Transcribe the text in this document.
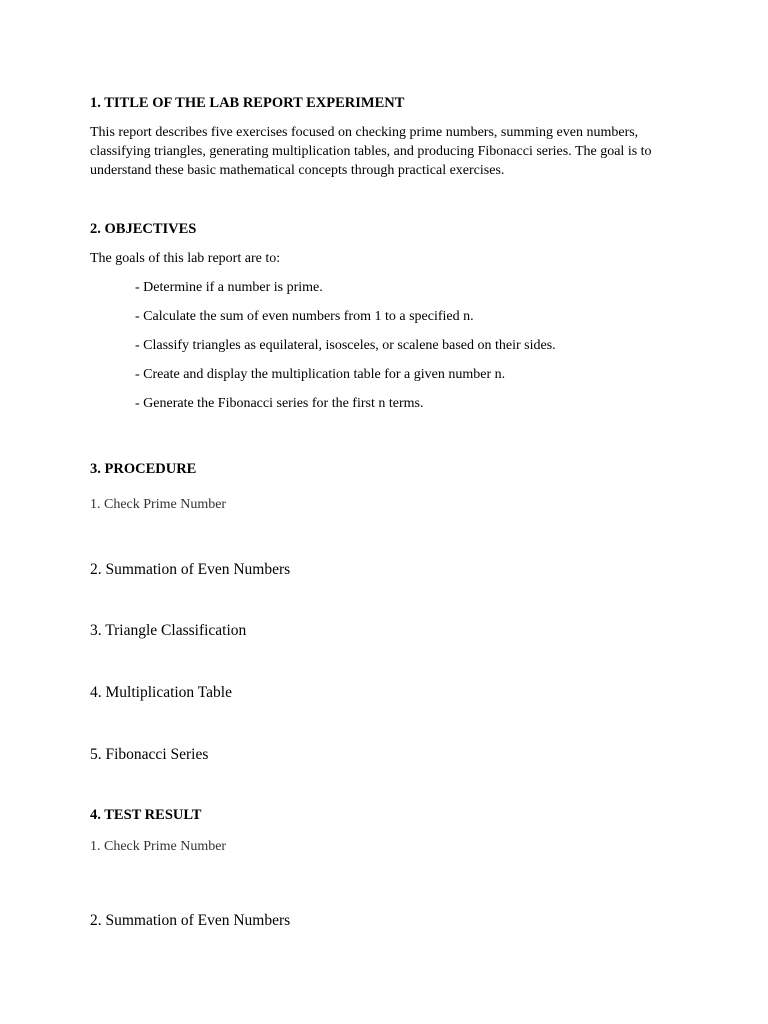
1. TITLE OF THE LAB REPORT EXPERIMENT

This report describes five exercises focused on checking prime numbers, summing even numbers, classifying triangles, generating multiplication tables, and producing Fibonacci series. The goal is to understand these basic mathematical concepts through practical exercises.

2. OBJECTIVES

The goals of this lab report are to:

- Determine if a number is prime.

- Calculate the sum of even numbers from 1 to a specified n.

- Classify triangles as equilateral, isosceles, or scalene based on their sides.

- Create and display the multiplication table for a given number n.

- Generate the Fibonacci series for the first n terms.

3. PROCEDURE

1. Check Prime Number

2. Summation of Even Numbers

3. Triangle Classification

4. Multiplication Table

5. Fibonacci Series

4. TEST RESULT

1. Check Prime Number

2. Summation of Even Numbers
